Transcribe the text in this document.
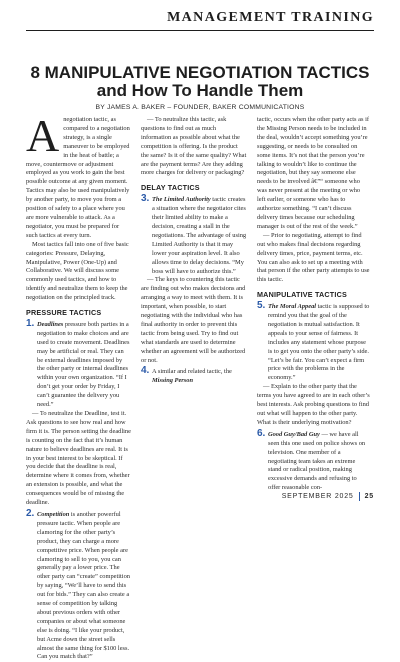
MANAGEMENT TRAINING
8 MANIPULATIVE NEGOTIATION TACTICS
and How To Handle Them
BY JAMES A. BAKER – FOUNDER, BAKER COMMUNICATIONS
A negotiation tactic, as compared to a negotiation strategy, is a single maneuver to be employed in the heat of battle; a move, countermove or adjustment employed as you work to gain the best possible outcome at any given moment. Tactics may also be used manipulatively by another party, to move you from a position of safety to a place where you are more vulnerable to attack. As a negotiator, you must be prepared for such tactics at every turn.

Most tactics fall into one of five basic categories: Pressure, Delaying, Manipulative, Power (One-Up) and Collaborative. We will discuss some commonly used tactics, and how to identify and neutralize them to keep the negotiation on the principled track.

PRESSURE TACTICS
1. Deadlines pressure both parties in a negotiation to make choices and are used to create movement. Deadlines may be artificial or real. They can be external deadlines imposed by the other party or internal deadlines within your own organization. “If I don’t get your order by Friday, I can’t guarantee the delivery you need.”

— To neutralize the Deadline, test it. Ask questions to see how real and how firm it is. The person setting the deadline is counting on the fact that it’s human nature to believe deadlines are real. It is in your best interest to be skeptical. If you decide that the deadline is real, determine where it comes from, whether an extension is possible, and what the consequences would be of missing the deadline.

2. Competition is another powerful pressure tactic. When people are clamoring for the other party’s product, they can charge a more competitive price. When people are clamoring to sell to you, you can generally pay a lower price. The other party can “create” competition by saying, “We’ll have to send this out for bids.” They can also create a sense of competition by talking about previous orders with other companies or about what someone else is doing. “I like your product, but Acme down the street sells almost the same thing for $100 less. Can you match that?”

— To neutralize this tactic, ask questions to find out as much information as possible about what the competition is offering. Is the product the same? Is it of the same quality? What are the payment terms? Are they adding more charges for delivery or packaging?

DELAY TACTICS
3. The Limited Authority tactic creates a situation where the negotiator cites their limited ability to make a decision, creating a stall in the negotiations. The advantage of using Limited Authority is that it may lower your aspiration level. It also allows time to delay decisions. “My boss will have to authorize this.”

— The keys to countering this tactic are finding out who makes decisions and arranging a way to meet with them. It is important, when possible, to start negotiating with the individual who has final authority in order to prevent this tactic from being used. Try to find out what standards are used to determine whether an agreement will be authorized or not.

4. A similar and related tactic, the Missing Person

tactic, occurs when the other party acts as if the Missing Person needs to be included in the deal, wouldn’t accept something you’re suggesting, or needs to be consulted on some items. It’s not that the person you’re talking to wouldn’t like to continue the negotiation, but they say someone else needs to be involved â€”“ someone who was never present at the meeting or who left earlier, or someone who has to authorize something. “I can’t discuss delivery times because our scheduling manager is out of the rest of the week.”

— Prior to negotiating, attempt to find out who makes final decisions regarding delivery times, price, payment terms, etc. You can also ask to set up a meeting with that person if the other party attempts to use this tactic.

MANIPULATIVE TACTICS
5. The Moral Appeal tactic is supposed to remind you that the goal of the negotiation is mutual satisfaction. It appeals to your sense of fairness. It includes any statement whose purpose is to get you onto the other party’s side. “Let’s be fair. You can’t expect a firm price with the problems in the economy.”

— Explain to the other party that the terms you have agreed to are in each other’s best interests. Ask probing questions to find out what will happen to the other party. What is their underlying motivation?

6. Good Guy/Bad Guy — we have all seen this one used on police shows on television. One member of a negotiating team takes an extreme stand or radical position, making excessive demands and refusing to offer reasonable con-
SEPTEMBER 2025 25
